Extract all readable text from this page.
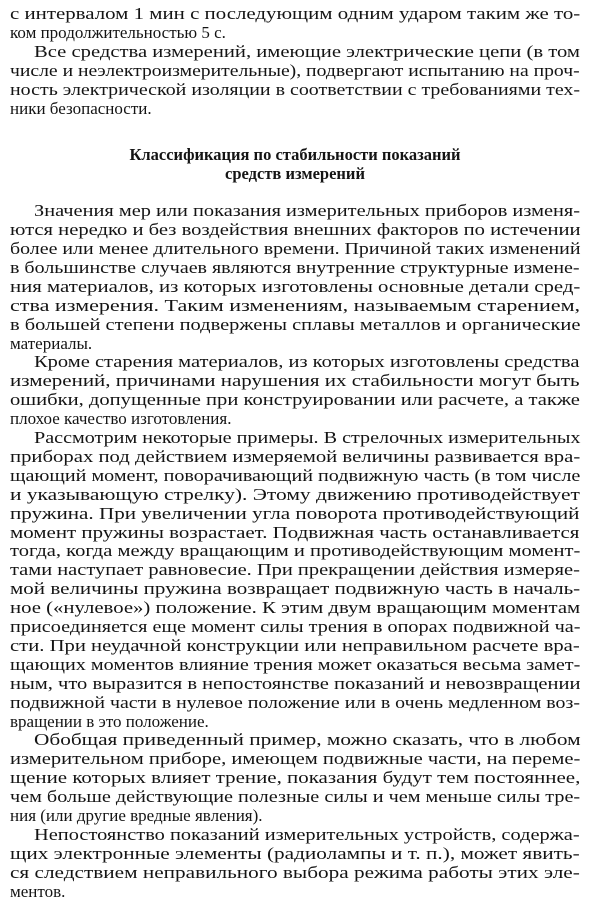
Классификация по стабильности показаний
средств измерений
с интервалом 1 мин с последующим одним ударом таким же то-
ком продолжительностью 5 с.
Все средства измерений, имеющие электрические цепи (в том
числе и неэлектроизмерительные), подвергают испытанию на проч-
ность электрической изоляции в соответствии с требованиями тех-
ники безопасности.
Значения мер или показания измерительных приборов изменя-
ются нередко и без воздействия внешних факторов по истечении
более или менее длительного времени. Причиной таких изменений
в большинстве случаев являются внутренние структурные измене-
ния материалов, из которых изготовлены основные детали сред-
ства измерения. Таким изменениям, называемым старением,
в большей степени подвержены сплавы металлов и органические
материалы.
Кроме старения материалов, из которых изготовлены средства
измерений, причинами нарушения их стабильности могут быть
ошибки, допущенные при конструировании или расчете, а также
плохое качество изготовления.
Рассмотрим некоторые примеры. В стрелочных измерительных
приборах под действием измеряемой величины развивается вра-
щающий момент, поворачивающий подвижную часть (в том числе
и указывающую стрелку). Этому движению противодействует
пружина. При увеличении угла поворота противодействующий
момент пружины возрастает. Подвижная часть останавливается
тогда, когда между вращающим и противодействующим момент-
тами наступает равновесие. При прекращении действия измеряе-
мой величины пружина возвращает подвижную часть в началь-
ное («нулевое») положение. К этим двум вращающим моментам
присоединяется еще момент силы трения в опорах подвижной ча-
сти. При неудачной конструкции или неправильном расчете вра-
щающих моментов влияние трения может оказаться весьма замет-
ным, что выразится в непостоянстве показаний и невозвращении
подвижной части в нулевое положение или в очень медленном воз-
вращении в это положение.
Обобщая приведенный пример, можно сказать, что в любом
измерительном приборе, имеющем подвижные части, на переме-
щение которых влияет трение, показания будут тем постояннее,
чем больше действующие полезные силы и чем меньше силы тре-
ния (или другие вредные явления).
Непостоянство показаний измерительных устройств, содержа-
щих электронные элементы (радиолампы и т. п.), может явить-
ся следствием неправильного выбора режима работы этих эле-
ментов.
